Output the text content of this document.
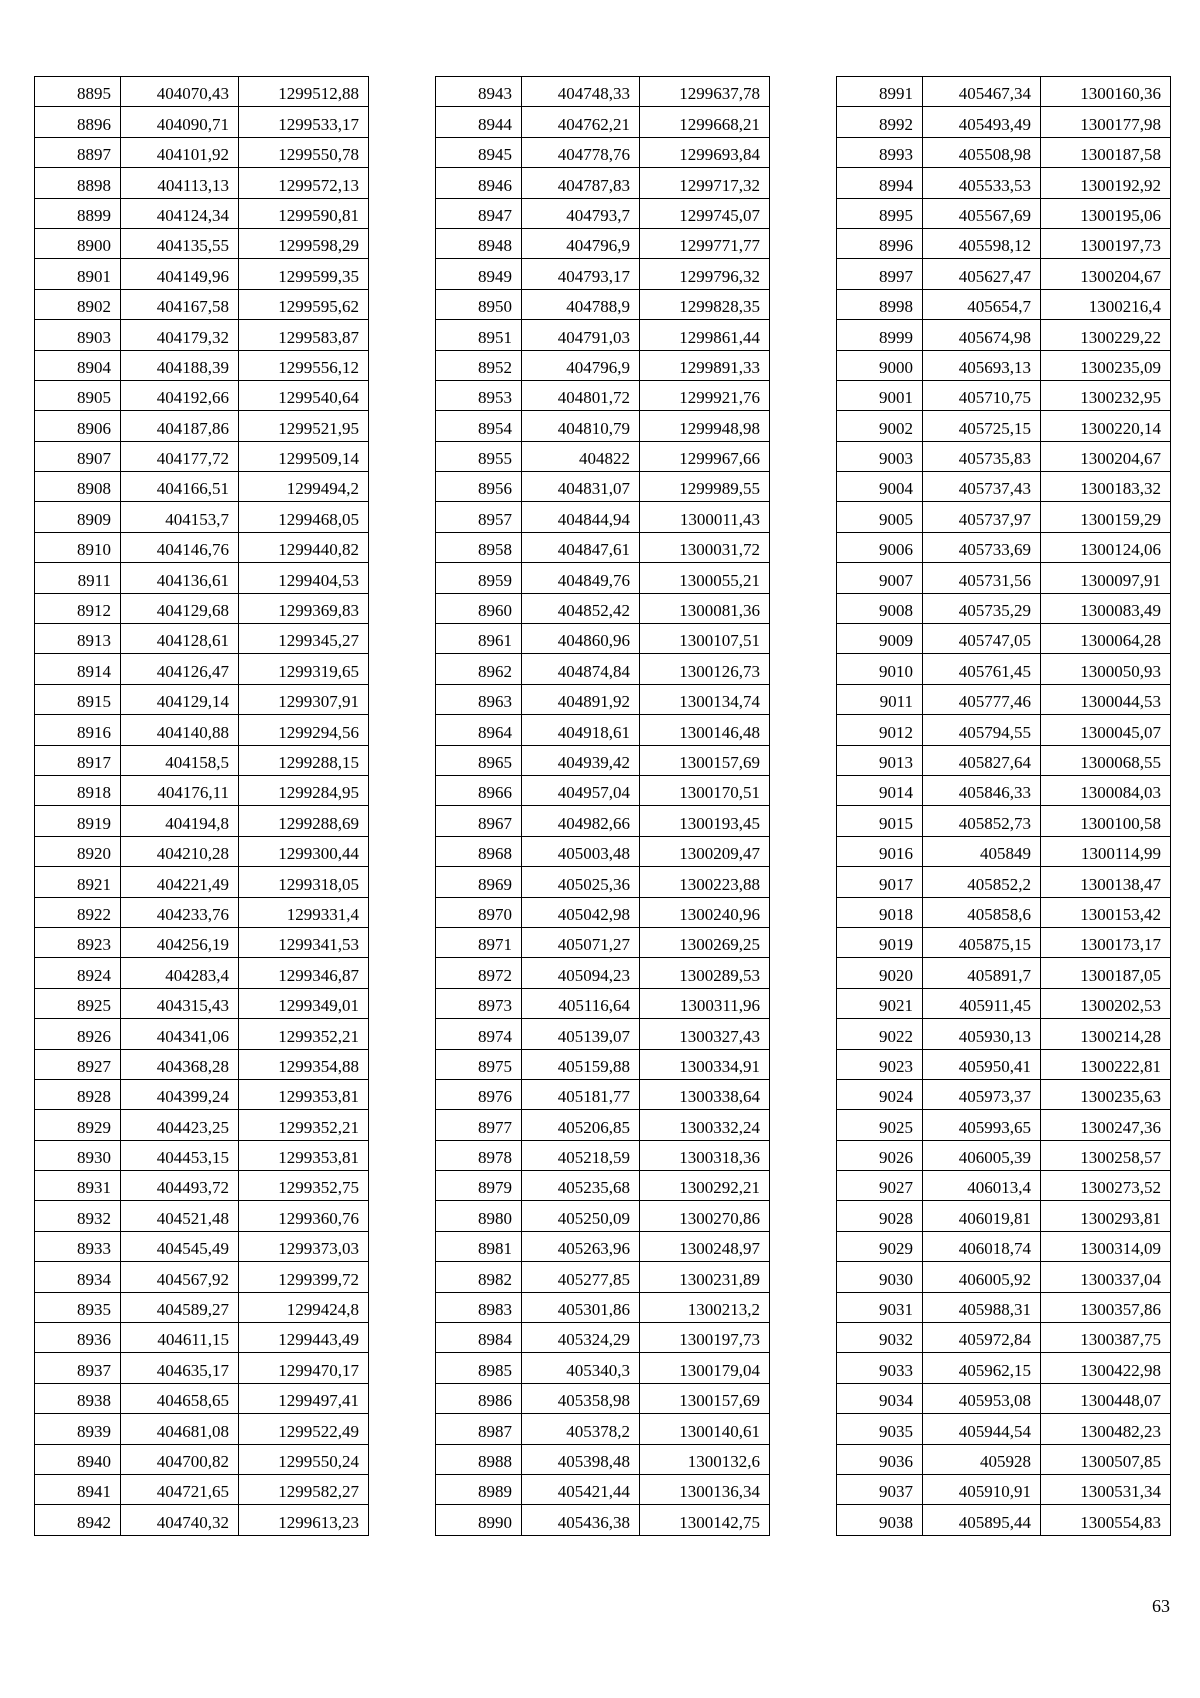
8895	404070,43	1299512,88
8896	404090,71	1299533,17
8897	404101,92	1299550,78
8898	404113,13	1299572,13
8899	404124,34	1299590,81
8900	404135,55	1299598,29
8901	404149,96	1299599,35
8902	404167,58	1299595,62
8903	404179,32	1299583,87
8904	404188,39	1299556,12
8905	404192,66	1299540,64
8906	404187,86	1299521,95
8907	404177,72	1299509,14
8908	404166,51	1299494,2
8909	404153,7	1299468,05
8910	404146,76	1299440,82
8911	404136,61	1299404,53
8912	404129,68	1299369,83
8913	404128,61	1299345,27
8914	404126,47	1299319,65
8915	404129,14	1299307,91
8916	404140,88	1299294,56
8917	404158,5	1299288,15
8918	404176,11	1299284,95
8919	404194,8	1299288,69
8920	404210,28	1299300,44
8921	404221,49	1299318,05
8922	404233,76	1299331,4
8923	404256,19	1299341,53
8924	404283,4	1299346,87
8925	404315,43	1299349,01
8926	404341,06	1299352,21
8927	404368,28	1299354,88
8928	404399,24	1299353,81
8929	404423,25	1299352,21
8930	404453,15	1299353,81
8931	404493,72	1299352,75
8932	404521,48	1299360,76
8933	404545,49	1299373,03
8934	404567,92	1299399,72
8935	404589,27	1299424,8
8936	404611,15	1299443,49
8937	404635,17	1299470,17
8938	404658,65	1299497,41
8939	404681,08	1299522,49
8940	404700,82	1299550,24
8941	404721,65	1299582,27
8942	404740,32	1299613,23
8943	404748,33	1299637,78
8944	404762,21	1299668,21
8945	404778,76	1299693,84
8946	404787,83	1299717,32
8947	404793,7	1299745,07
8948	404796,9	1299771,77
8949	404793,17	1299796,32
8950	404788,9	1299828,35
8951	404791,03	1299861,44
8952	404796,9	1299891,33
8953	404801,72	1299921,76
8954	404810,79	1299948,98
8955	404822	1299967,66
8956	404831,07	1299989,55
8957	404844,94	1300011,43
8958	404847,61	1300031,72
8959	404849,76	1300055,21
8960	404852,42	1300081,36
8961	404860,96	1300107,51
8962	404874,84	1300126,73
8963	404891,92	1300134,74
8964	404918,61	1300146,48
8965	404939,42	1300157,69
8966	404957,04	1300170,51
8967	404982,66	1300193,45
8968	405003,48	1300209,47
8969	405025,36	1300223,88
8970	405042,98	1300240,96
8971	405071,27	1300269,25
8972	405094,23	1300289,53
8973	405116,64	1300311,96
8974	405139,07	1300327,43
8975	405159,88	1300334,91
8976	405181,77	1300338,64
8977	405206,85	1300332,24
8978	405218,59	1300318,36
8979	405235,68	1300292,21
8980	405250,09	1300270,86
8981	405263,96	1300248,97
8982	405277,85	1300231,89
8983	405301,86	1300213,2
8984	405324,29	1300197,73
8985	405340,3	1300179,04
8986	405358,98	1300157,69
8987	405378,2	1300140,61
8988	405398,48	1300132,6
8989	405421,44	1300136,34
8990	405436,38	1300142,75
8991	405467,34	1300160,36
8992	405493,49	1300177,98
8993	405508,98	1300187,58
8994	405533,53	1300192,92
8995	405567,69	1300195,06
8996	405598,12	1300197,73
8997	405627,47	1300204,67
8998	405654,7	1300216,4
8999	405674,98	1300229,22
9000	405693,13	1300235,09
9001	405710,75	1300232,95
9002	405725,15	1300220,14
9003	405735,83	1300204,67
9004	405737,43	1300183,32
9005	405737,97	1300159,29
9006	405733,69	1300124,06
9007	405731,56	1300097,91
9008	405735,29	1300083,49
9009	405747,05	1300064,28
9010	405761,45	1300050,93
9011	405777,46	1300044,53
9012	405794,55	1300045,07
9013	405827,64	1300068,55
9014	405846,33	1300084,03
9015	405852,73	1300100,58
9016	405849	1300114,99
9017	405852,2	1300138,47
9018	405858,6	1300153,42
9019	405875,15	1300173,17
9020	405891,7	1300187,05
9021	405911,45	1300202,53
9022	405930,13	1300214,28
9023	405950,41	1300222,81
9024	405973,37	1300235,63
9025	405993,65	1300247,36
9026	406005,39	1300258,57
9027	406013,4	1300273,52
9028	406019,81	1300293,81
9029	406018,74	1300314,09
9030	406005,92	1300337,04
9031	405988,31	1300357,86
9032	405972,84	1300387,75
9033	405962,15	1300422,98
9034	405953,08	1300448,07
9035	405944,54	1300482,23
9036	405928	1300507,85
9037	405910,91	1300531,34
9038	405895,44	1300554,83
63
